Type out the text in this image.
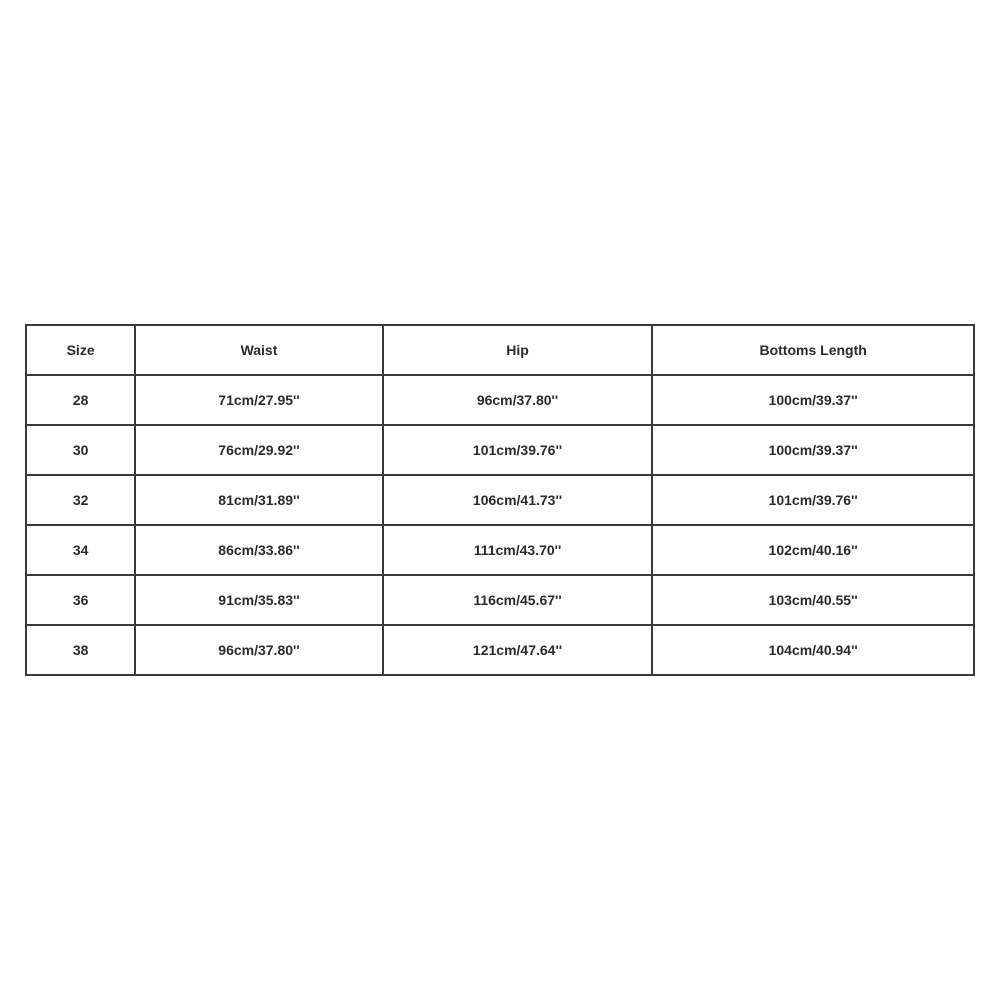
Size	Waist	Hip	Bottoms Length
28	71cm/27.95''	96cm/37.80''	100cm/39.37''
30	76cm/29.92''	101cm/39.76''	100cm/39.37''
32	81cm/31.89''	106cm/41.73''	101cm/39.76''
34	86cm/33.86''	111cm/43.70''	102cm/40.16''
36	91cm/35.83''	116cm/45.67''	103cm/40.55''
38	96cm/37.80''	121cm/47.64''	104cm/40.94''
